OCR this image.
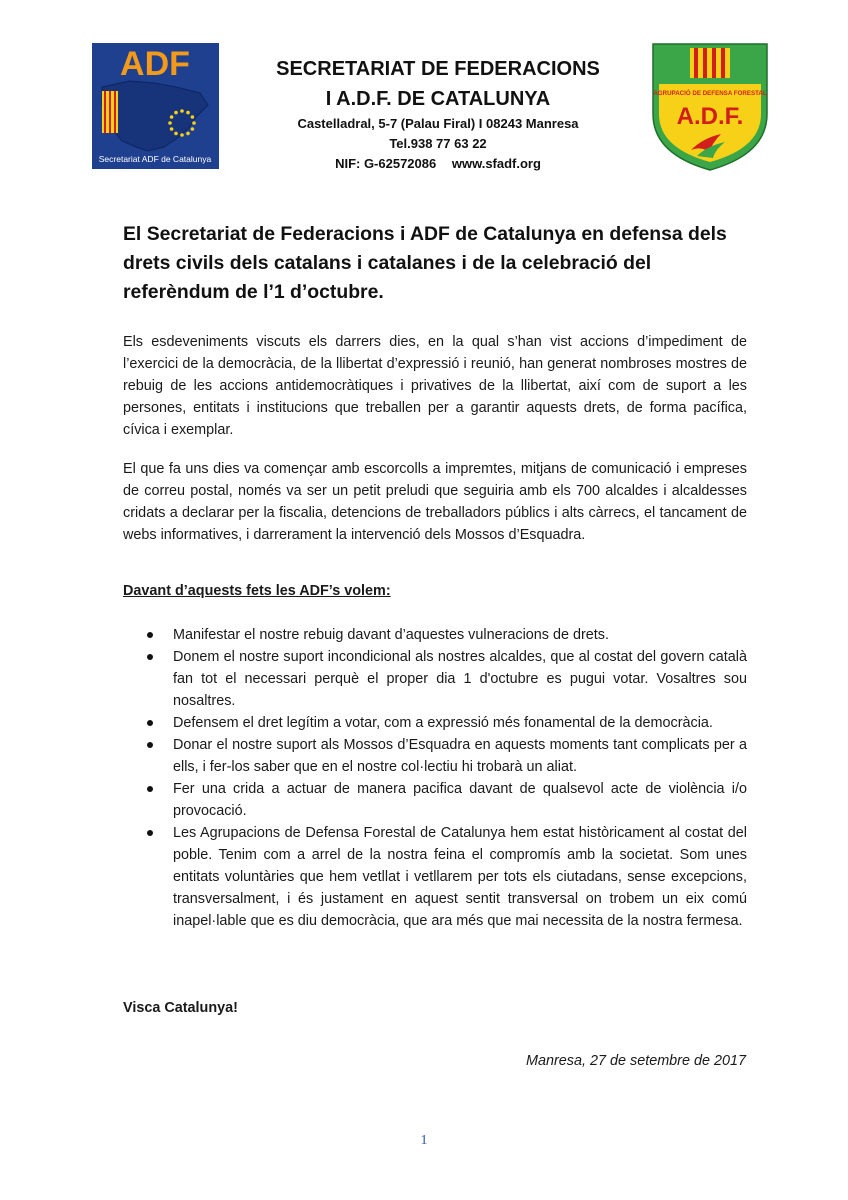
ADF
Secretariat ADF de Catalunya
SECRETARIAT DE FEDERACIONS
I A.D.F. DE CATALUNYA
Castelladral, 5-7 (Palau Firal) I 08243 Manresa
Tel.938 77 63 22
NIF: G-62572086 www.sfadf.org
AGRUPACIÓ DE DEFENSA FORESTAL
A.D.F.
El Secretariat de Federacions i ADF de Catalunya en defensa dels drets civils dels catalans i catalanes i de la celebració del referèndum de l’1 d’octubre.

Els esdeveniments viscuts els darrers dies, en la qual s’han vist accions d’impediment de l’exercici de la democràcia, de la llibertat d’expressió i reunió, han generat nombroses mostres de rebuig de les accions antidemocràtiques i privatives de la llibertat, així com de suport a les persones, entitats i institucions que treballen per a garantir aquests drets, de forma pacífica, cívica i exemplar.

El que fa uns dies va començar amb escorcolls a impremtes, mitjans de comunicació i empreses de correu postal, només va ser un petit preludi que seguiria amb els 700 alcaldes i alcaldesses cridats a declarar per la fiscalia, detencions de treballadors públics i alts càrrecs, el tancament de webs informatives, i darrerament la intervenció dels Mossos d’Esquadra.

Davant d’aquests fets les ADF’s volem:
Manifestar el nostre rebuig davant d’aquestes vulneracions de drets.
Donem el nostre suport incondicional als nostres alcaldes, que al costat del govern català fan tot el necessari perquè el proper dia 1 d'octubre es pugui votar. Vosaltres sou nosaltres.
Defensem el dret legítim a votar, com a expressió més fonamental de la democràcia.
Donar el nostre suport als Mossos d’Esquadra en aquests moments tant complicats per a ells, i fer-los saber que en el nostre col·lectiu hi trobarà un aliat.
Fer una crida a actuar de manera pacifica davant de qualsevol acte de violència i/o provocació.
Les Agrupacions de Defensa Forestal de Catalunya hem estat històricament al costat del poble. Tenim com a arrel de la nostra feina el compromís amb la societat. Som unes entitats voluntàries que hem vetllat i vetllarem per tots els ciutadans, sense excepcions, transversalment, i és justament en aquest sentit transversal on trobem un eix comú inapel·lable que es diu democràcia, que ara més que mai necessita de la nostra fermesa.
Visca Catalunya!
Manresa, 27 de setembre de 2017
1
